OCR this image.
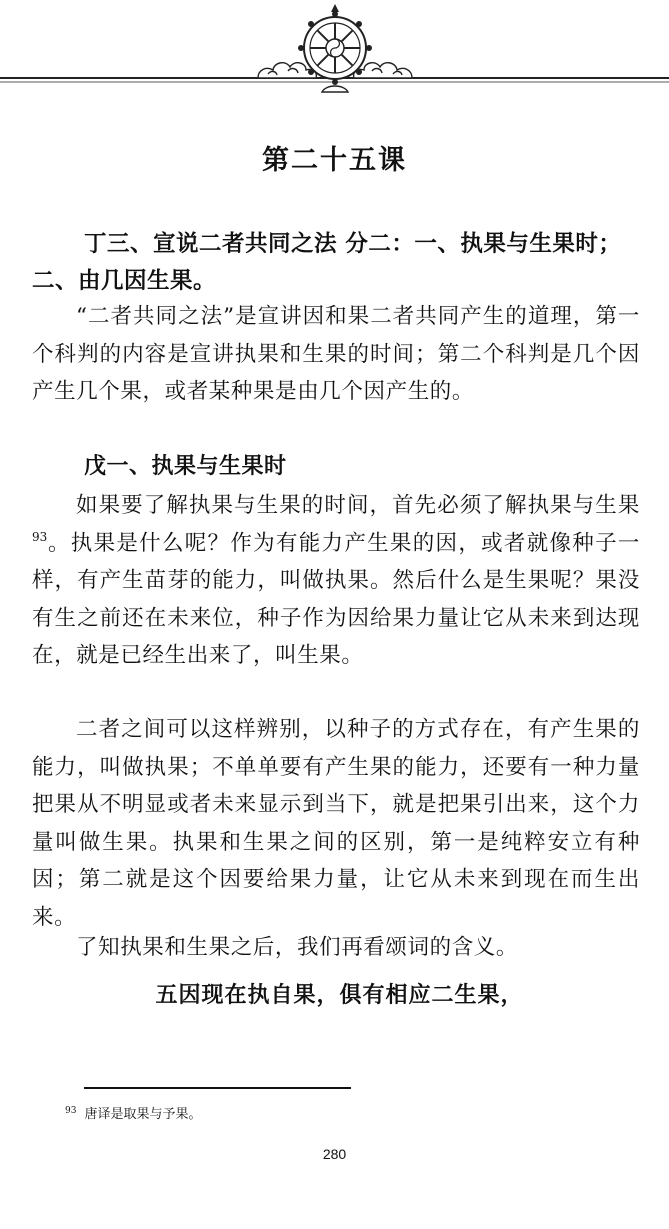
第二十五课
丁三、宣说二者共同之法 分二：一、执果与生果时；二、由几因生果。

“二者共同之法”是宣讲因和果二者共同产生的道理，第一个科判的内容是宣讲执果和生果的时间；第二个科判是几个因产生几个果，或者某种果是由几个因产生的。

戊一、执果与生果时

如果要了解执果与生果的时间，首先必须了解执果与生果$^{93}$。执果是什么呢？作为有能力产生果的因，或者就像种子一样，有产生苗芽的能力，叫做执果。然后什么是生果呢？果没有生之前还在未来位，种子作为因给果力量让它从未来到达现在，就是已经生出来了，叫生果。

二者之间可以这样辨别，以种子的方式存在，有产生果的能力，叫做执果；不单单要有产生果的能力，还要有一种力量把果从不明显或者未来显示到当下，就是把果引出来，这个力量叫做生果。执果和生果之间的区别，第一是纯粹安立有种因；第二就是这个因要给果力量，让它从未来到现在而生出来。

了知执果和生果之后，我们再看颂词的含义。

五因现在执自果，俱有相应二生果，
$^{93}$ 唐译是取果与予果。
280
